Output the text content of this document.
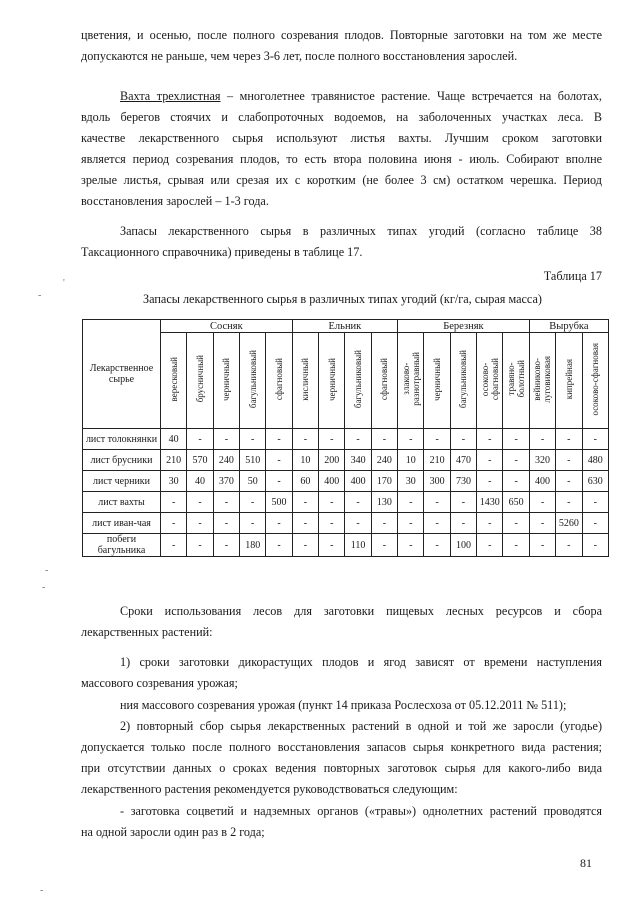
цветения, и осенью, после полного созревания плодов. Повторные заготовки на том же месте
допускаются не раньше, чем через 3-6 лет, после полного восстановления зарослей.
Вахта трехлистная – многолетнее травянистое растение. Чаще встречается на болотах,
вдоль берегов стоячих и слабопроточных водоемов, на заболоченных участках леса. В
качестве лекарственного сырья используют листья вахты. Лучшим сроком заготовки
является период созревания плодов, то есть втора половина июня - июль. Собирают вполне
зрелые листья, срывая или срезая их с коротким (не более 3 см) остатком черешка. Период
восстановления зарослей – 1-3 года.
Запасы лекарственного сырья в различных типах угодий (согласно таблице 38
Таксационного справочника) приведены в таблице 17.
Таблица 17
Запасы лекарственного сырья в различных типах угодий (кг/га, сырая масса)
Лекарственное сырье	Сосняк					Ельник				Березняк					Вырубка		
	вересковый	брусничный	черничный	багульниковый	сфагновый	кисличный	черничный	багульниковый	сфагновый	злаково-
разнотравный	черничный	багульниковый	осоково-
сфагновый	травяно-
болотный	вейниково-
луговиковая	кипрейная	осоково-сфагновая
лист толокнянки	40	-	-	-	-	-	-	-	-	-	-	-	-	-	-	-	-
лист брусники	210	570	240	510	-	10	200	340	240	10	210	470	-	-	320	-	480
лист черники	30	40	370	50	-	60	400	400	170	30	300	730	-	-	400	-	630
лист вахты	-	-	-	-	500	-	-	-	130	-	-	-	1430	650	-	-	-
лист иван-чая	-	-	-	-	-	-	-	-	-	-	-	-	-	-	-	5260	-
побеги багульника	-	-	-	180	-	-	-	110	-	-	-	100	-	-	-	-	-
Сроки использования лесов для заготовки пищевых лесных ресурсов и сбора
лекарственных растений:
1) сроки заготовки дикорастущих плодов и ягод зависят от времени наступления
массового созревания урожая;
ния массового созревания урожая (пункт 14 приказа Рослесхоза от 05.12.2011 № 511);
2) повторный сбор сырья лекарственных растений в одной и той же заросли (угодье)
допускается только после полного восстановления запасов сырья конкретного вида растения;
при отсутствии данных о сроках ведения повторных заготовок сырья для какого-либо вида
лекарственного растения рекомендуется руководствоваться следующим:
- заготовка соцветий и надземных органов («травы») однолетних растений проводятся
на одной заросли один раз в 2 года;
81
'
-
-
-
-
